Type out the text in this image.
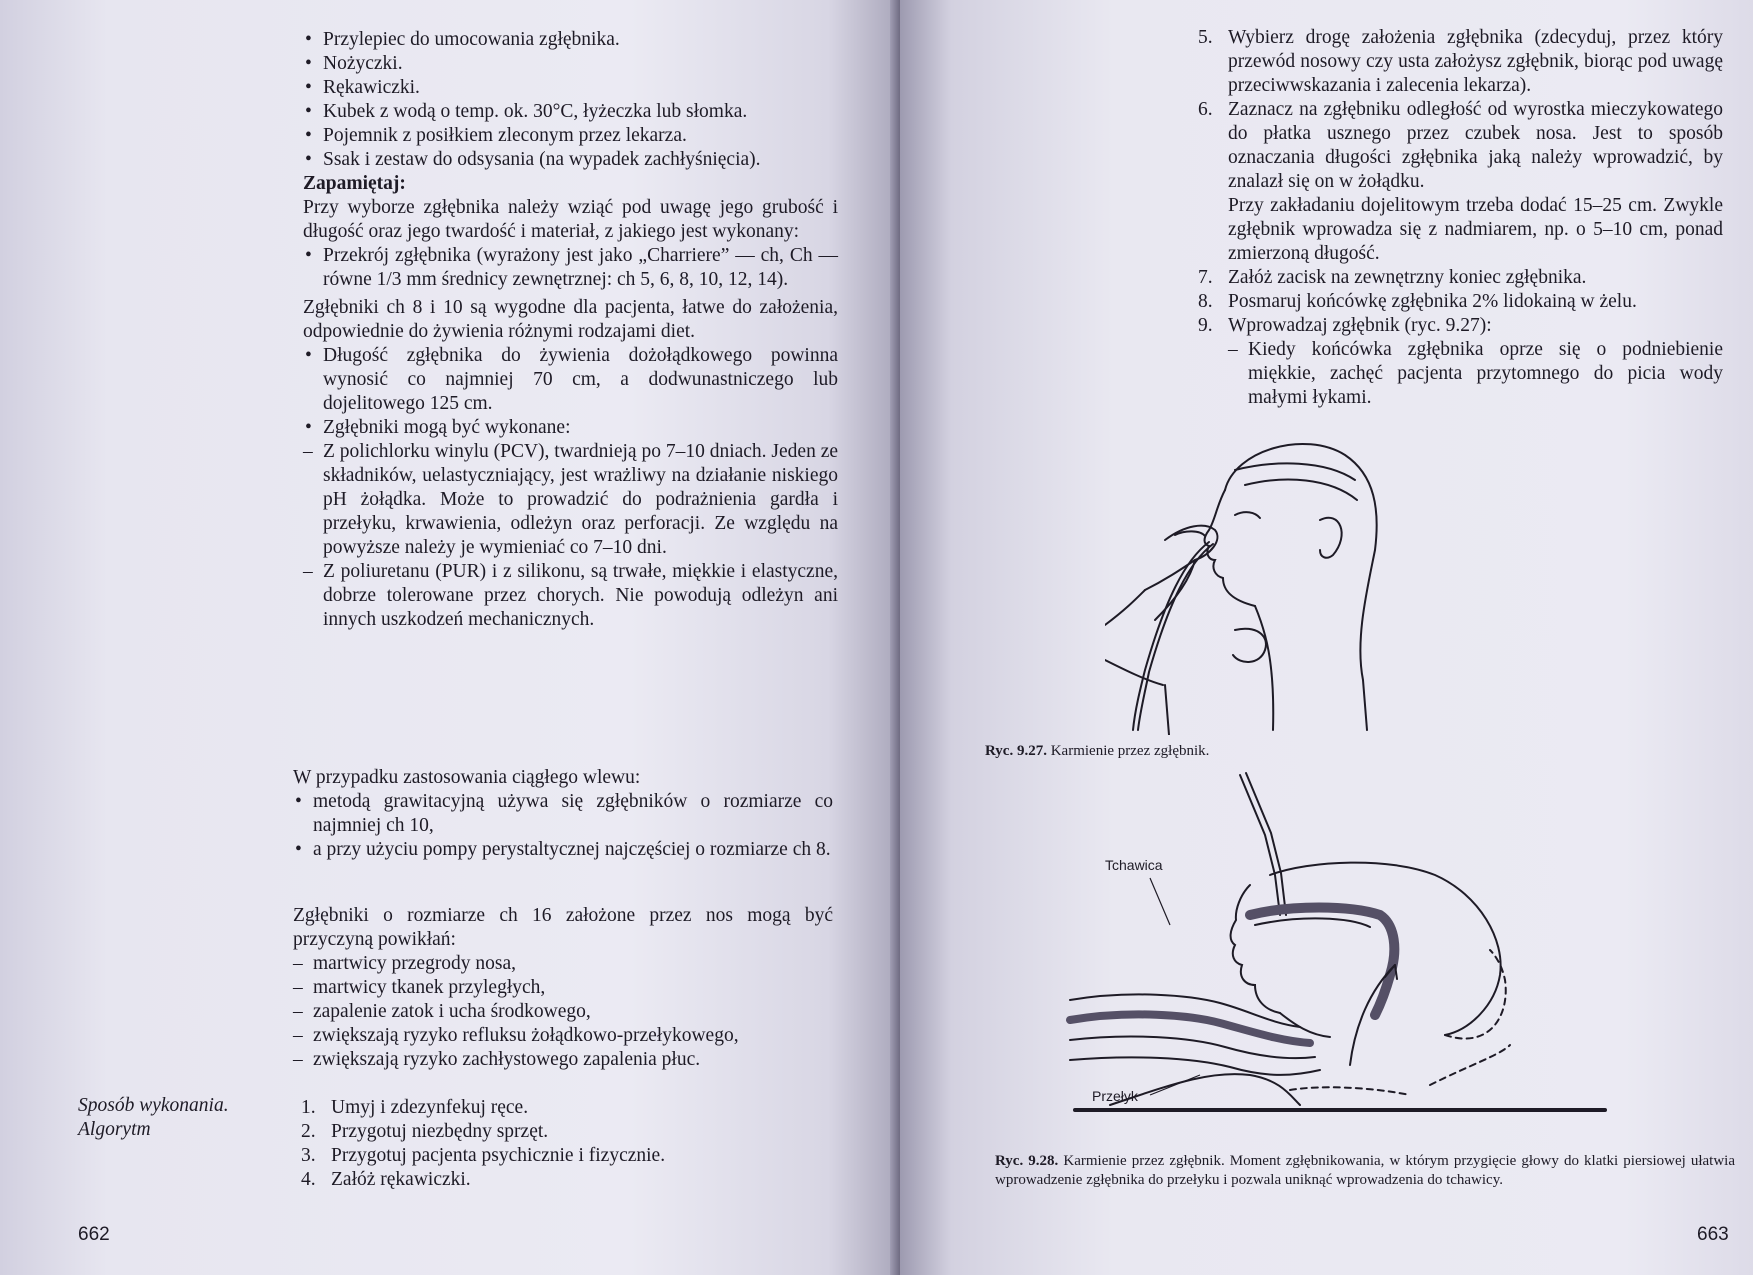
• Przylepiec do umocowania zgłębnika.

• Nożyczki.

• Rękawiczki.

• Kubek z wodą o temp. ok. 30°C, łyżeczka lub słomka.

• Pojemnik z posiłkiem zleconym przez lekarza.

• Ssak i zestaw do odsysania (na wypadek zachłyśnięcia).

Zapamiętaj:

Przy wyborze zgłębnika należy wziąć pod uwagę jego grubość i długość oraz jego twardość i materiał, z jakiego jest wykonany:

• Przekrój zgłębnika (wyrażony jest jako „Charriere” — ch, Ch — równe 1/3 mm średnicy zewnętrznej: ch 5, 6, 8, 10, 12, 14).

Zgłębniki ch 8 i 10 są wygodne dla pacjenta, łatwe do założenia, odpowiednie do żywienia różnymi rodzajami diet.

• Długość zgłębnika do żywienia dożołądkowego powinna wynosić co najmniej 70 cm, a dodwunastniczego lub dojelitowego 125 cm.

• Zgłębniki mogą być wykonane:

– Z polichlorku winylu (PCV), twardnieją po 7–10 dniach. Jeden ze składników, uelastyczniający, jest wrażliwy na działanie niskiego pH żołądka. Może to prowadzić do podrażnienia gardła i przełyku, krwawienia, odleżyn oraz perforacji. Ze względu na powyższe należy je wymieniać co 7–10 dni.

– Z poliuretanu (PUR) i z silikonu, są trwałe, miękkie i elastyczne, dobrze tolerowane przez chorych. Nie powodują odleżyn ani innych uszkodzeń mechanicznych.

W przypadku zastosowania ciągłego wlewu:

• metodą grawitacyjną używa się zgłębników o rozmiarze co najmniej ch 10,

• a przy użyciu pompy perystaltycznej najczęściej o rozmiarze ch 8.

Zgłębniki o rozmiarze ch 16 założone przez nos mogą być przyczyną powikłań:

– martwicy przegrody nosa,

– martwicy tkanek przyległych,

– zapalenie zatok i ucha środkowego,

– zwiększają ryzyko refluksu żołądkowo-przełykowego,

– zwiększają ryzyko zachłystowego zapalenia płuc.

Sposób wykonania.

Algorytm

1. Umyj i zdezynfekuj ręce.

2. Przygotuj niezbędny sprzęt.

3. Przygotuj pacjenta psychicznie i fizycznie.

4. Załóż rękawiczki.

662

5. Wybierz drogę założenia zgłębnika (zdecyduj, przez który przewód nosowy czy usta założysz zgłębnik, biorąc pod uwagę przeciwwskazania i zalecenia lekarza).

6. Zaznacz na zgłębniku odległość od wyrostka mieczykowatego do płatka usznego przez czubek nosa. Jest to sposób oznaczania długości zgłębnika jaką należy wprowadzić, by znalazł się on w żołądku.

Przy zakładaniu dojelitowym trzeba dodać 15–25 cm. Zwykle zgłębnik wprowadza się z nadmiarem, np. o 5–10 cm, ponad zmierzoną długość.

7. Załóż zacisk na zewnętrzny koniec zgłębnika.

8. Posmaruj końcówkę zgłębnika 2% lidokainą w żelu.

9. Wprowadzaj zgłębnik (ryc. 9.27):

– Kiedy końcówka zgłębnika oprze się o podniebienie miękkie, zachęć pacjenta przytomnego do picia wody małymi łykami.

Ryc. 9.27. Karmienie przez zgłębnik.
Tchawica
Przełyk
Ryc. 9.28. Karmienie przez zgłębnik. Moment zgłębnikowania, w którym przygięcie głowy do klatki piersiowej ułatwia wprowadzenie zgłębnika do przełyku i pozwala uniknąć wprowadzenia do tchawicy.
663
